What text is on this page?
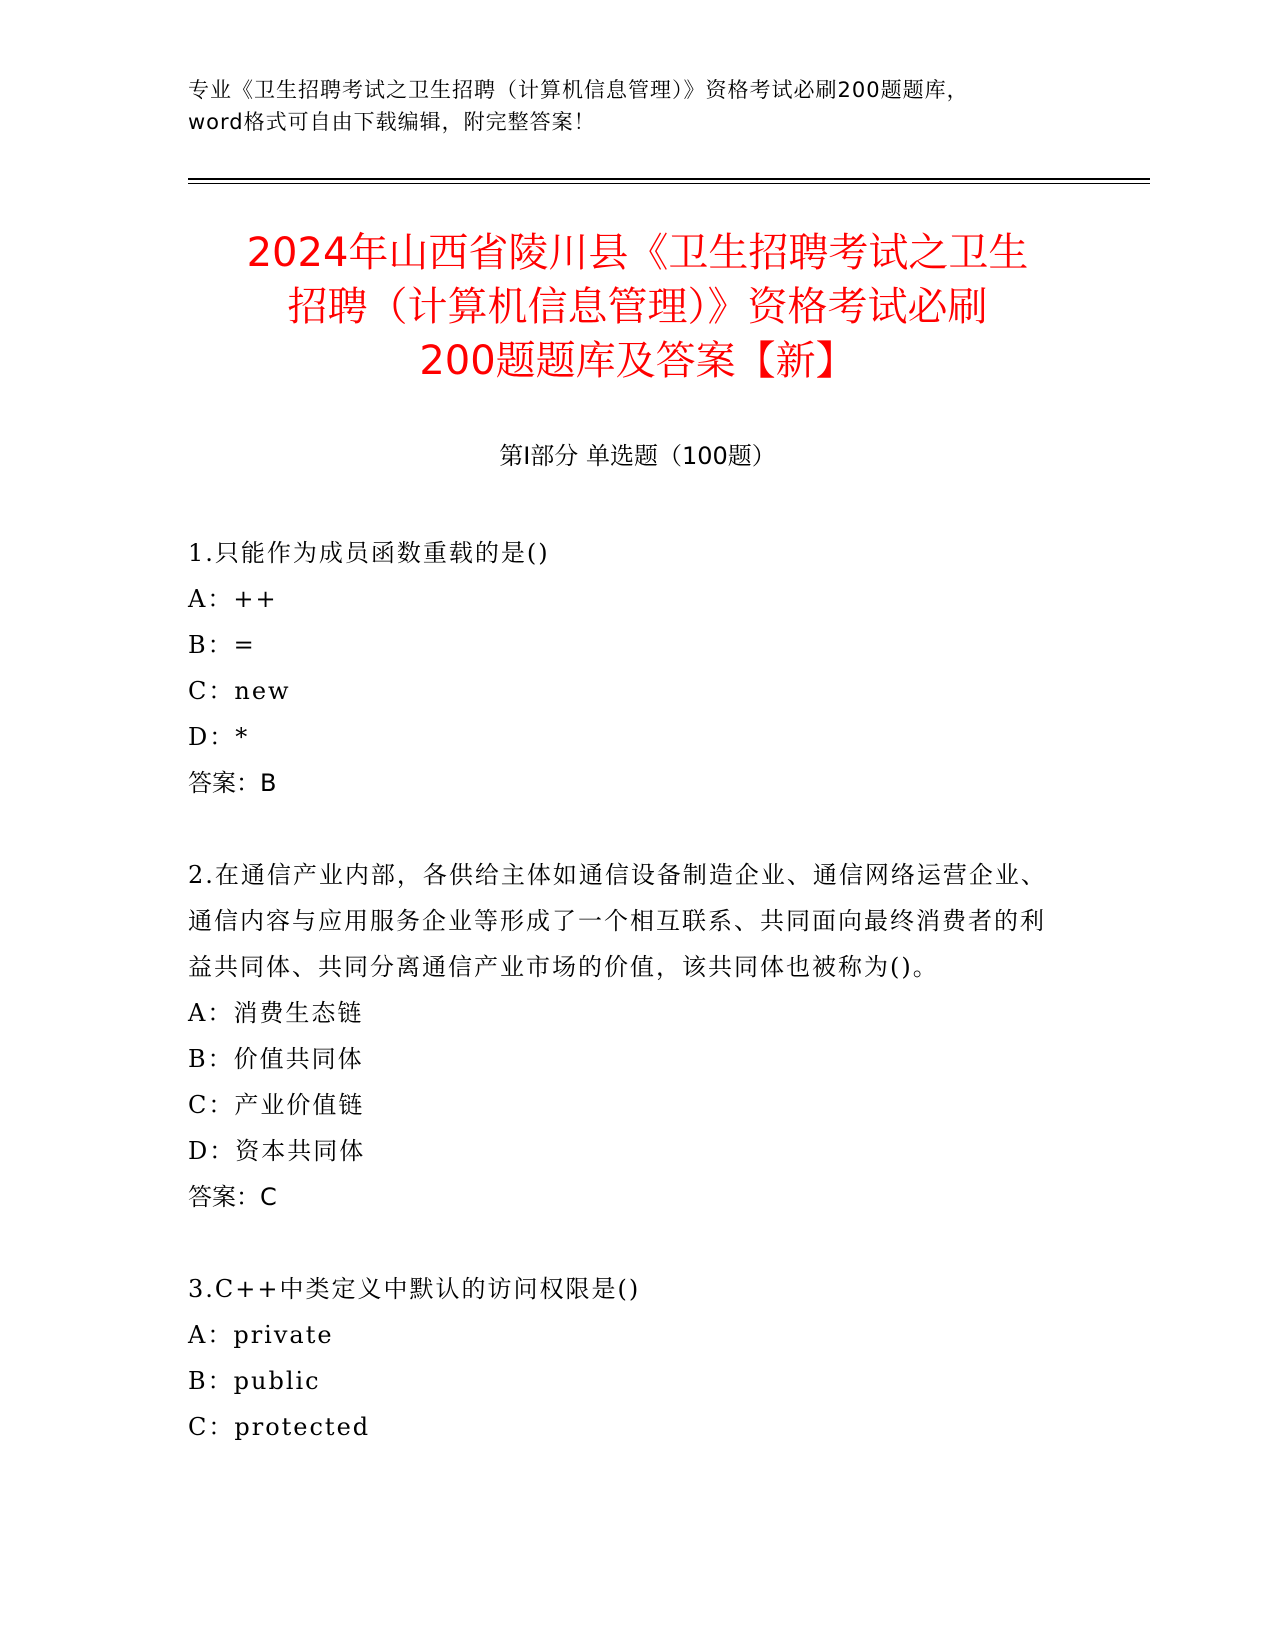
专业《卫生招聘考试之卫生招聘（计算机信息管理）》资格考试必刷200题题库，

word格式可自由下载编辑，附完整答案！

2024年山西省陵川县《卫生招聘考试之卫生
招聘（计算机信息管理）》资格考试必刷
200题题库及答案【新】
第I部分 单选题（100题）

1.只能作为成员函数重载的是()

A：++

B：=

C：new

D：*

答案：B

2.在通信产业内部，各供给主体如通信设备制造企业、通信网络运营企业、通信内容与应用服务企业等形成了一个相互联系、共同面向最终消费者的利益共同体、共同分离通信产业市场的价值，该共同体也被称为()。

A：消费生态链

B：价值共同体

C：产业价值链

D：资本共同体

答案：C

3.C++中类定义中默认的访问权限是()

A：private

B：public

C：protected
